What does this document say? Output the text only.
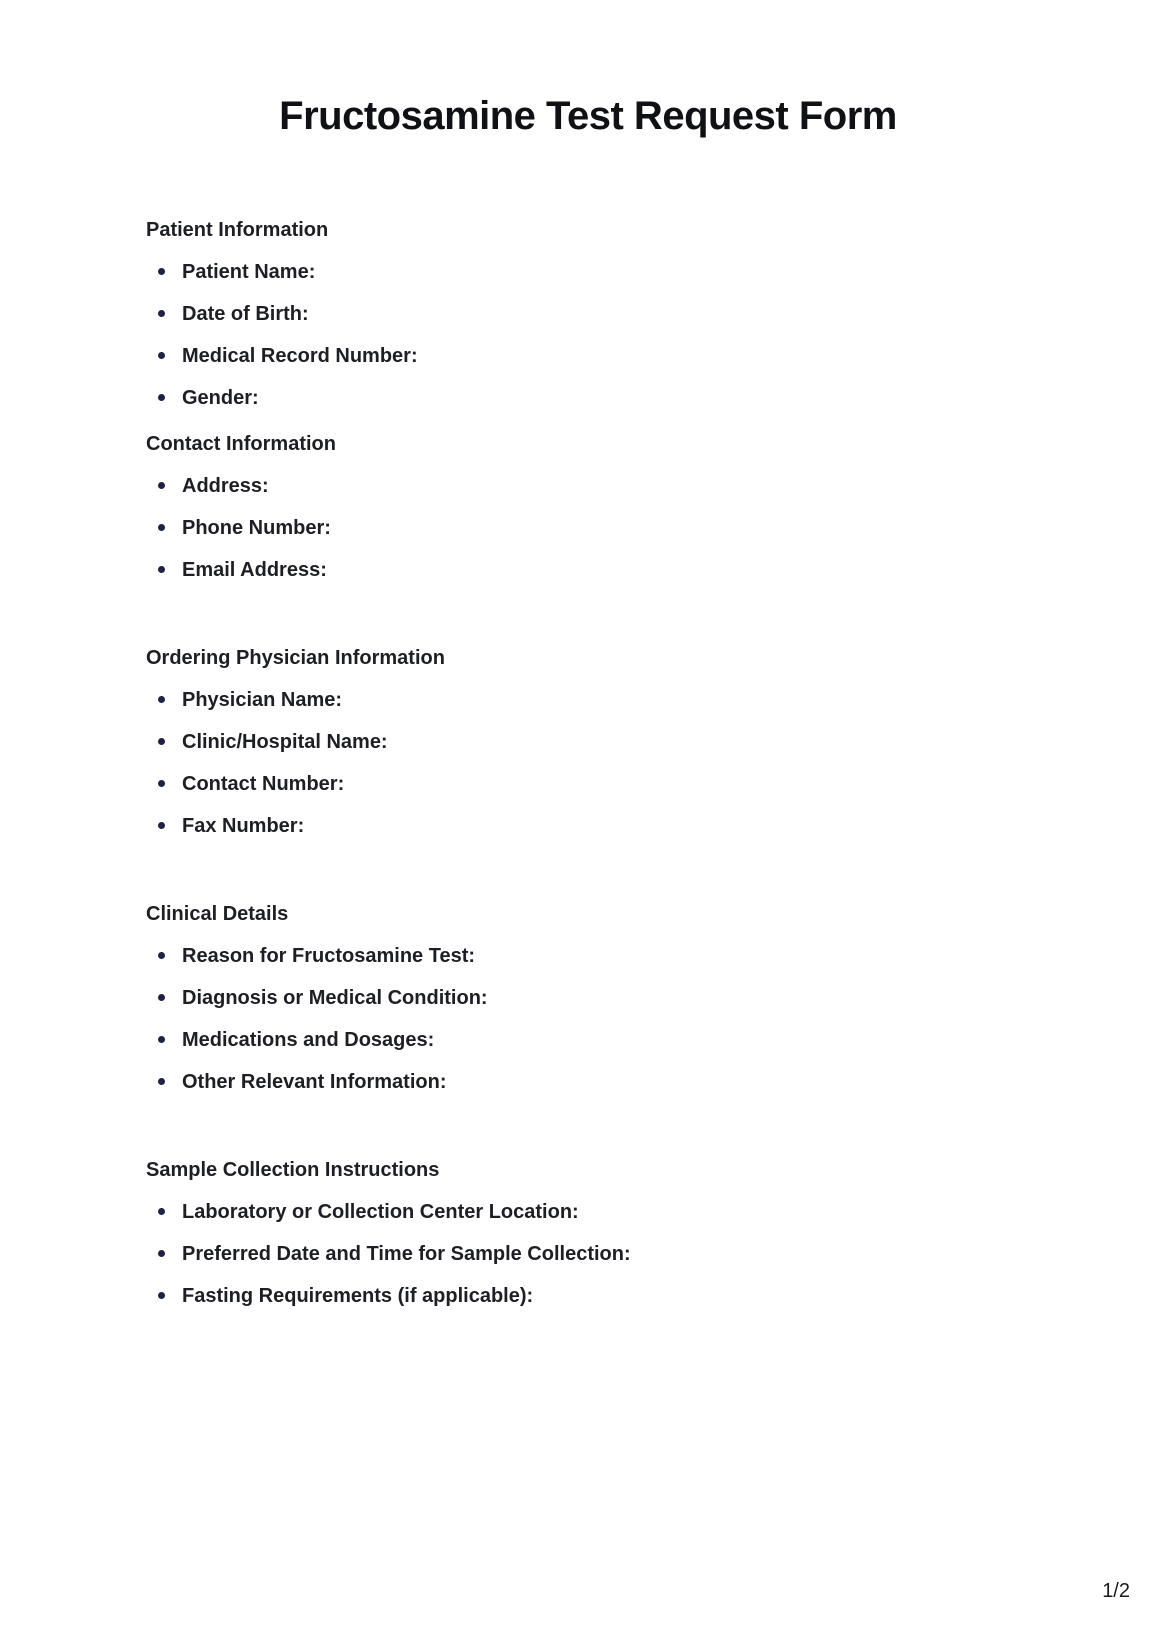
Fructosamine Test Request Form
Patient Information
Patient Name:
Date of Birth:
Medical Record Number:
Gender:
Contact Information
Address:
Phone Number:
Email Address:
Ordering Physician Information
Physician Name:
Clinic/Hospital Name:
Contact Number:
Fax Number:
Clinical Details
Reason for Fructosamine Test:
Diagnosis or Medical Condition:
Medications and Dosages:
Other Relevant Information:
Sample Collection Instructions
Laboratory or Collection Center Location:
Preferred Date and Time for Sample Collection:
Fasting Requirements (if applicable):
1/2
